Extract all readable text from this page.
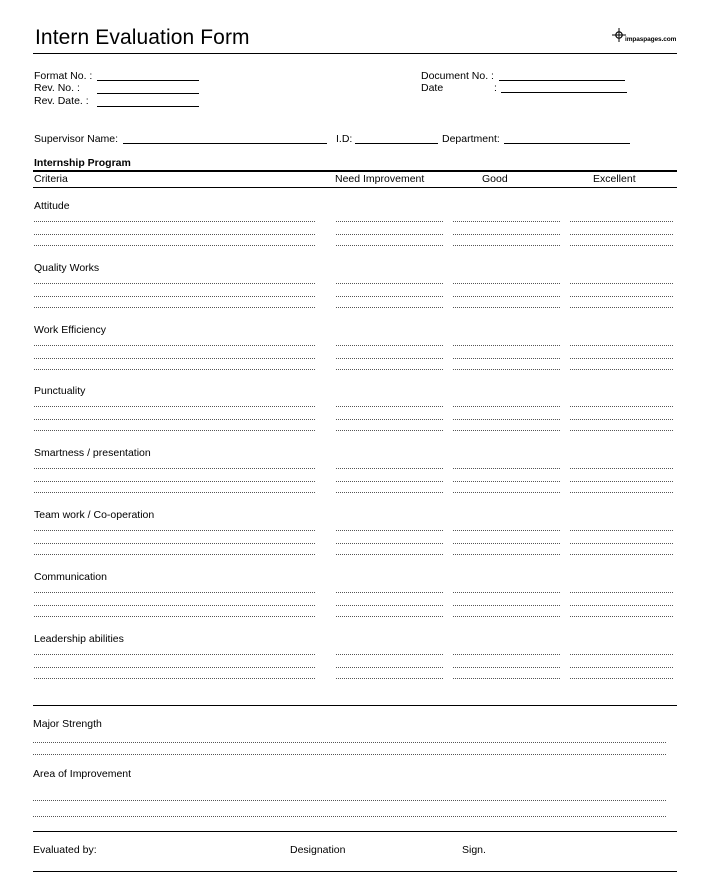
Intern Evaluation Form	impaspages.com
Format No. :
Rev. No. :
Rev. Date. :
Document No. :
Date	:
Supervisor Name:	I.D:	Department:
Internship Program
Criteria	Need Improvement	Good	Excellent
Attitude
Quality Works
Work Efficiency
Punctuality
Smartness / presentation
Team work / Co-operation
Communication
Leadership abilities
Major Strength
Area of Improvement
Evaluated by:	Designation	Sign.
